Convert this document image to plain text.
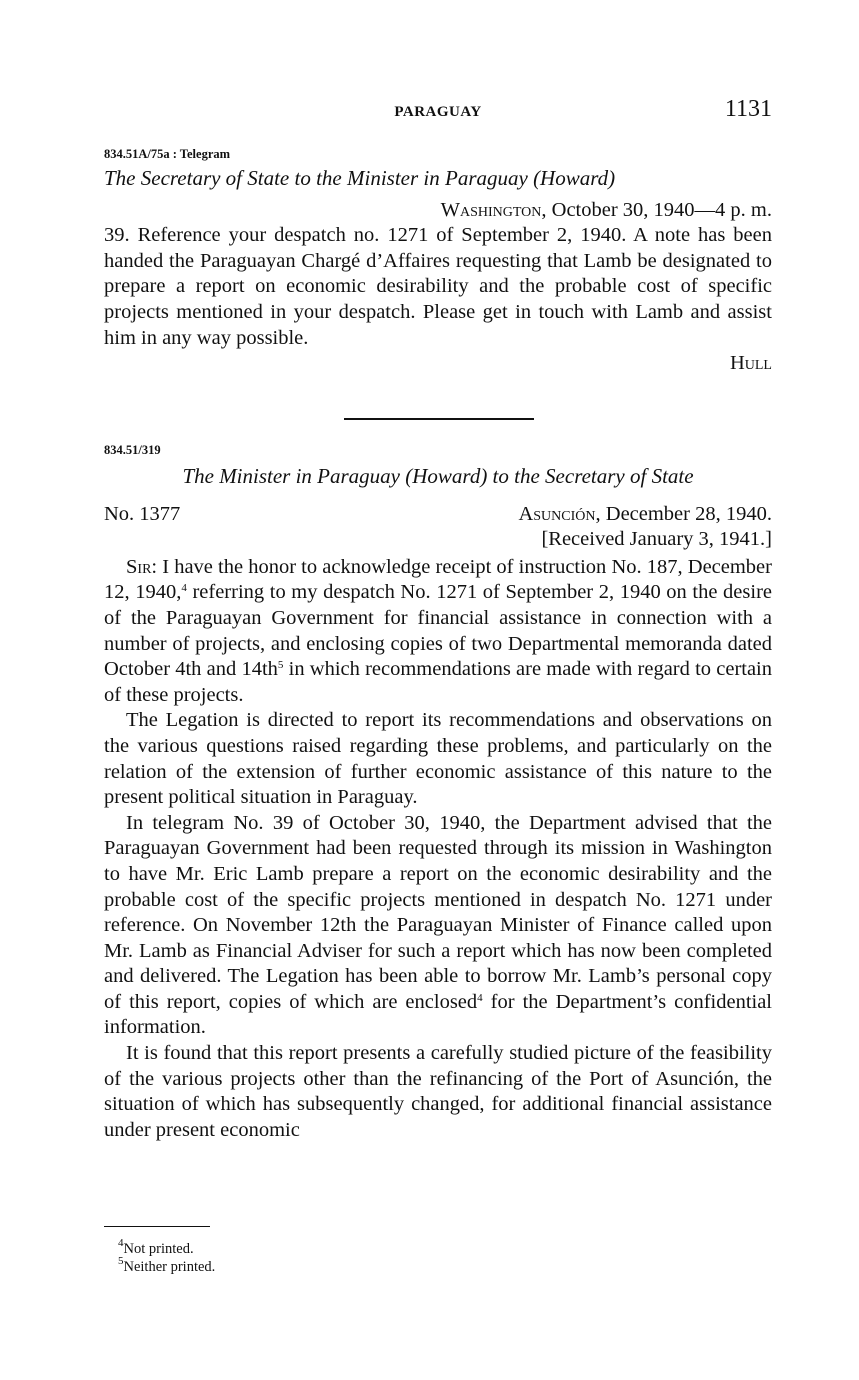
PARAGUAY	1131
834.51A/75a : Telegram
The Secretary of State to the Minister in Paraguay (Howard)

Washington, October 30, 1940—4 p. m.

39. Reference your despatch no. 1271 of September 2, 1940. A note has been handed the Paraguayan Chargé d’Affaires requesting that Lamb be designated to prepare a report on economic desirability and the probable cost of specific projects mentioned in your despatch. Please get in touch with Lamb and assist him in any way possible.

Hull

834.51/319
The Minister in Paraguay (Howard) to the Secretary of State
No. 1377	Asunción, December 28, 1940.

[Received January 3, 1941.]

Sir: I have the honor to acknowledge receipt of instruction No. 187, December 12, 1940,$^4$ referring to my despatch No. 1271 of September 2, 1940 on the desire of the Paraguayan Government for financial assistance in connection with a number of projects, and enclosing copies of two Departmental memoranda dated October 4th and $14th^5$ in which recommendations are made with regard to certain of these projects.

The Legation is directed to report its recommendations and observations on the various questions raised regarding these problems, and particularly on the relation of the extension of further economic assistance of this nature to the present political situation in Paraguay.

In telegram No. 39 of October 30, 1940, the Department advised that the Paraguayan Government had been requested through its mission in Washington to have Mr. Eric Lamb prepare a report on the economic desirability and the probable cost of the specific projects mentioned in despatch No. 1271 under reference. On November 12th the Paraguayan Minister of Finance called upon Mr. Lamb as Financial Adviser for such a report which has now been completed and delivered. The Legation has been able to borrow Mr. Lamb’s personal copy of this report, copies of which are enclosed$^4$ for the Department’s confidential information.

It is found that this report presents a carefully studied picture of the feasibility of the various projects other than the refinancing of the Port of Asunción, the situation of which has subsequently changed, for additional financial assistance under present economic

$^4$Not printed.
$^5$Neither printed.
